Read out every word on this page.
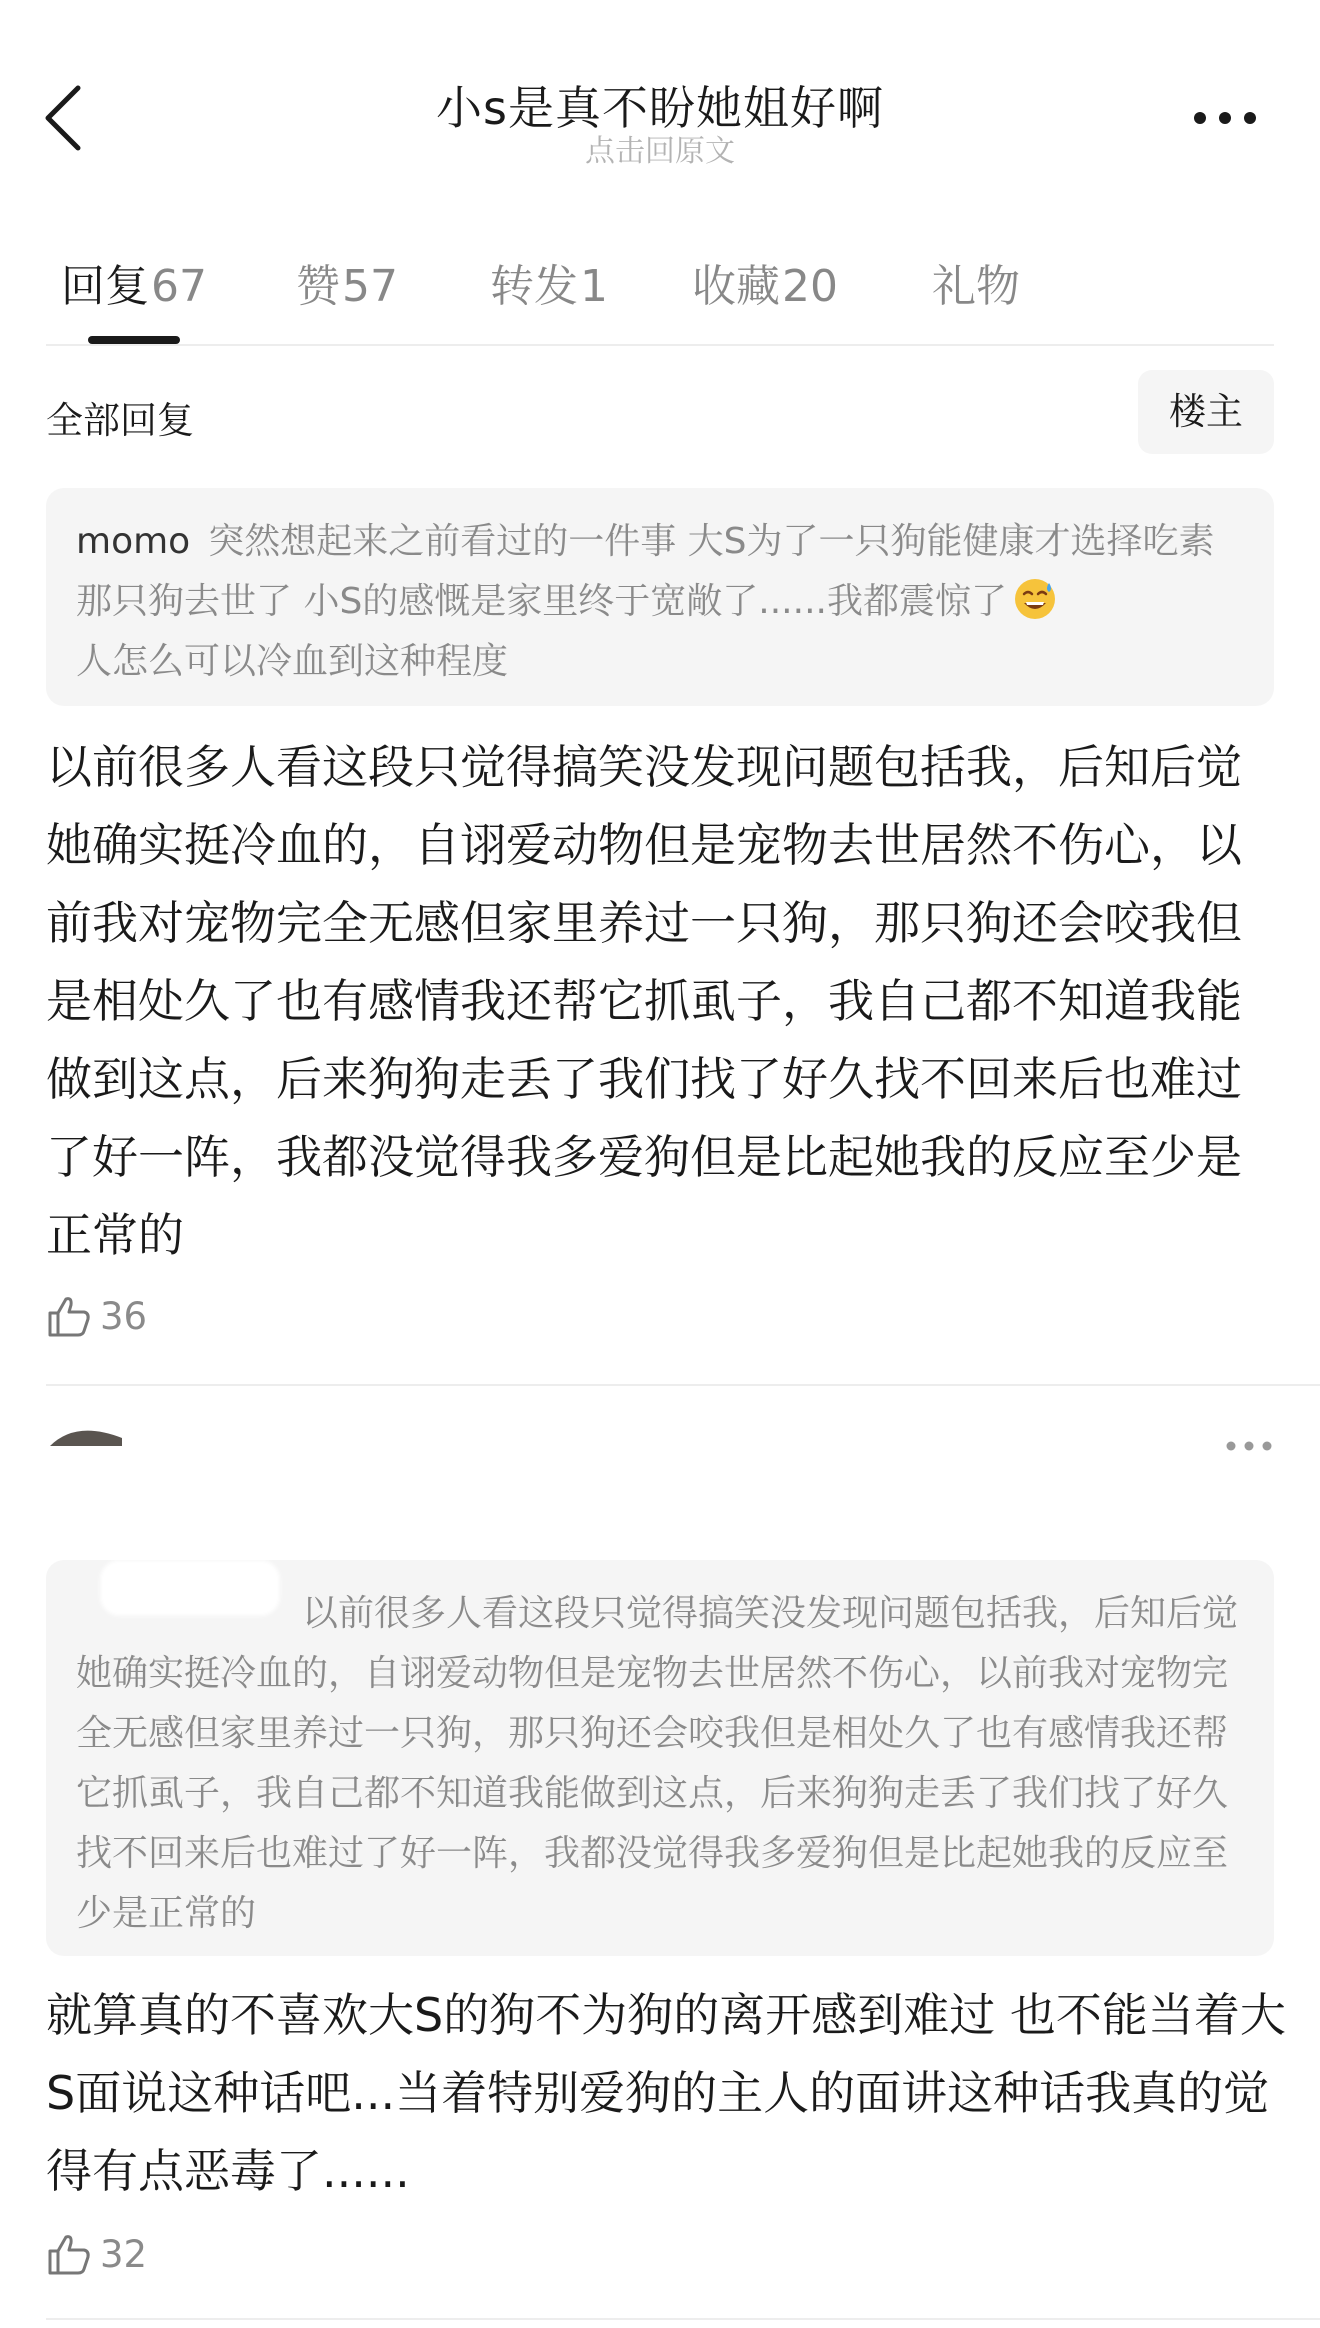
小s是真不盼她姐好啊
点击回原文
回复67 赞57 转发1 收藏20 礼物
全部回复	楼主
momo 突然想起来之前看过的一件事 大S为了一只狗能健康才选择吃素 那只狗去世了 小S的感慨是家里终于宽敞了......我都震惊了
人怎么可以冷血到这种程度
以前很多人看这段只觉得搞笑没发现问题包括我，后知后觉她确实挺冷血的，自诩爱动物但是宠物去世居然不伤心，以前我对宠物完全无感但家里养过一只狗，那只狗还会咬我但是相处久了也有感情我还帮它抓虱子，我自己都不知道我能做到这点，后来狗狗走丢了我们找了好久找不回来后也难过了好一阵，我都没觉得我多爱狗但是比起她我的反应至少是正常的
36
以前很多人看这段只觉得搞笑没发现问题包括我，后知后觉她确实挺冷血的，自诩爱动物但是宠物去世居然不伤心，以前我对宠物完全无感但家里养过一只狗，那只狗还会咬我但是相处久了也有感情我还帮它抓虱子，我自己都不知道我能做到这点，后来狗狗走丢了我们找了好久找不回来后也难过了好一阵，我都没觉得我多爱狗但是比起她我的反应至少是正常的
就算真的不喜欢大S的狗不为狗的离开感到难过 也不能当着大S面说这种话吧...当着特别爱狗的主人的面讲这种话我真的觉得有点恶毒了......
32
